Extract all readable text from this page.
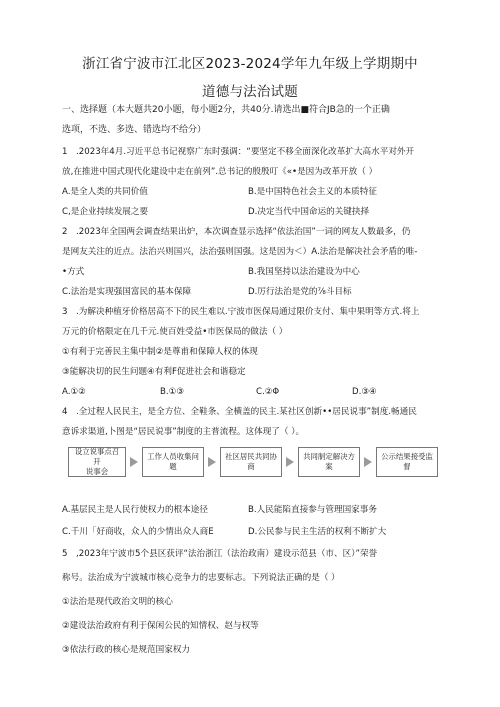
浙江省宁波市江北区2023-2024学年九年级上学期期中
道德与法治试题
一、选择题（本大题共20小题，每小题2分，共40分.请选出■符合JB急的一个正确
选项，不选、多选、错选均不给分）
1　.2023年4月.习近平总书记视察广东时强调：“要坚定不移全面深化改革扩大高水平对外开
放,在推进中国式现代化建设中走在前列”.总书记的殷殷叮《«•是因为改革开放（ ）
A.是全人类的共同价值	B.是中国特色社会主义的本质特征
C,是企业持续发展之要	D.决定当代中国命运的关键抉择
2　.2023年全国两会调查结果出炉，本次调查显示选择“依法治国”一词的网友人数最多，仍
是网友关注的近点。法治兴则国兴，法治强则国强。这是因为＜）A.法治是解决社会矛盾的唯-
•方式	B.我国坚持以法治建设为中心
C.法治是实现强国富民的基本保障	D.厉行法治是党的⅞斗目标
3　.为解决种植牙价格居高不下的民生难以.宁波市医保局通过限价支付、集中果明等方式.将上
万元的价格限定在几千元.使百姓受益•市医保局的做法（ ）
①有利于完善民主集中制②是尊甫和保障人权的体现
③能解决切的民生问题④有利F促进社会和谐稳定
A.①②	B.①③	C.②Φ	D.③④
4　.全过程人民民主，是全方位、全鞋条、全横盖的民主.某社区创新••居民说事”制度.畅通民
意诉求渠道,卜图是“居民说事”制度的主普流程。这体现了（ ）。
设立说事点召开
说事会
工作人员收集问
题
社区居民共同协
商
共同制定解决方
案
公示结果接受监
督
A.基层民主是人民行使权力的根本途径	B.人民能陷直接参与管理国家事务
C.千川「好商收，众人的少情出众人商E	D.公民参与民主生活的权利不断扩大
5　,2023年宁波市5个县区获评“法治浙江（法治政南）建设示范县（市、区）”荣誉
称号。法治成为宁波城市核心竞争力的忠要标志。下列说法正确的是（ ）
①法治是现代政治文明的核心
②建设法治政府有利于保闲公民的知情权、赵与权等
③依法行政的核心是规范国家权力
